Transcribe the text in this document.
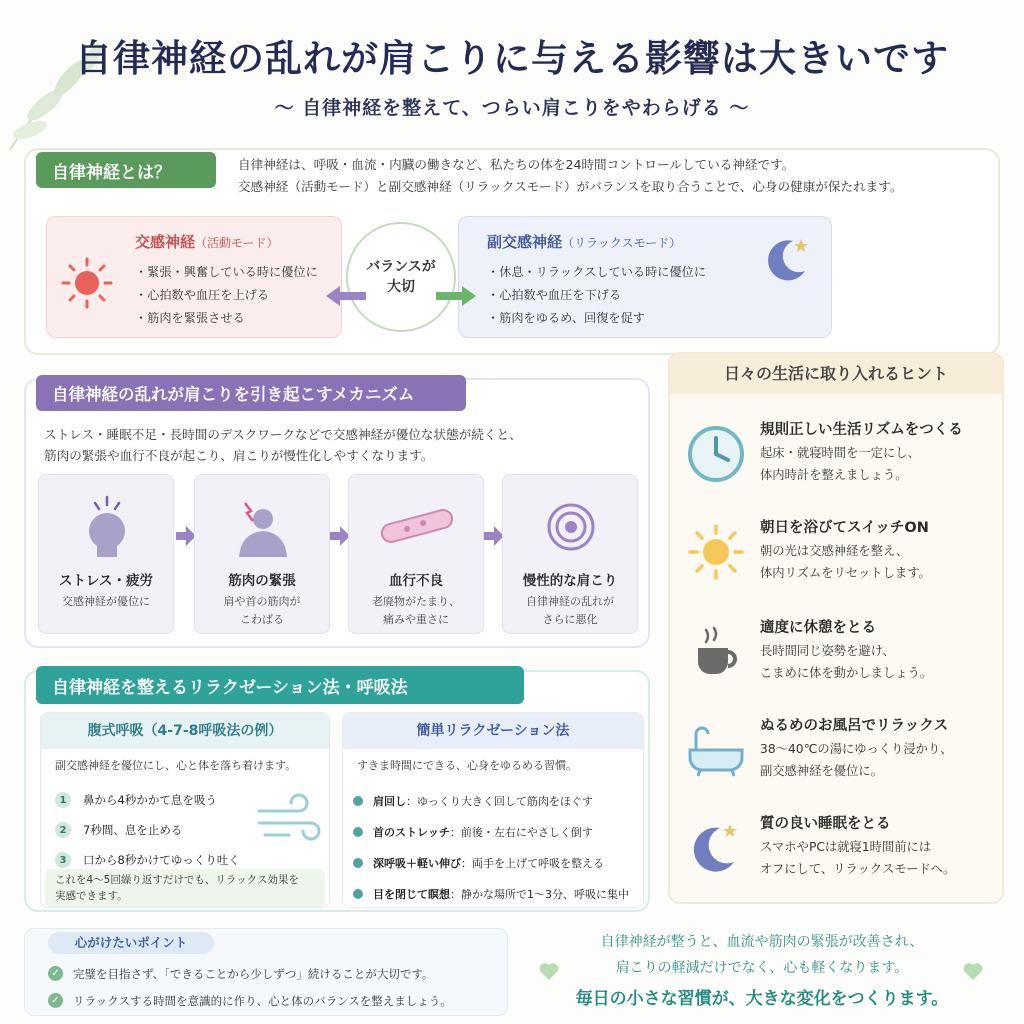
自律神経の乱れが肩こりに与える影響は大きいです
〜 自律神経を整えて、つらい肩こりをやわらげる 〜
自律神経とは？	自律神経は、呼吸・血流・内臓の働きなど、私たちの体を24時間コントロールしている神経です。
交感神経（活動モード）と副交感神経（リラックスモード）がバランスを取り合うことで、心身の健康が保たれます。
交感神経（活動モード）
・緊張・興奮している時に優位に
・心拍数や血圧を上げる
・筋肉を緊張させる
バランスが
大切
副交感神経（リラックスモード）
・休息・リラックスしている時に優位に
・心拍数や血圧を下げる
・筋肉をゆるめ、回復を促す
自律神経の乱れが肩こりを引き起こすメカニズム
ストレス・睡眠不足・長時間のデスクワークなどで交感神経が優位な状態が続くと、
筋肉の緊張や血行不良が起こり、肩こりが慢性化しやすくなります。
ストレス・疲労

交感神経が優位に

筋肉の緊張

肩や首の筋肉が
こわばる

血行不良

老廃物がたまり、
痛みや重さに

慢性的な肩こり

自律神経の乱れが
さらに悪化

自律神経を整えるリラクゼーション法・呼吸法
腹式呼吸（4-7-8呼吸法の例）
副交感神経を優位にし、心と体を落ち着けます。
1	鼻から4秒かかて息を吸う
2	7秒間、息を止める
3	口から8秒かけてゆっくり吐く
これを4〜5回繰り返すだけでも、リラックス効果を
実感できます。
簡単リラクゼーション法
すきま時間にできる、心身をゆるめる習慣。
肩回し ：ゆっくり大きく回して筋肉をほぐす
首のストレッチ ：前後・左右にやさしく倒す
深呼吸＋軽い伸び ：両手を上げて呼吸を整える
目を閉じて瞑想 ：静かな場所で1〜3分、呼吸に集中
日々の生活に取り入れるヒント
規則正しい生活リズムをつくる

起床・就寝時間を一定にし、
体内時計を整えましょう。

朝日を浴びてスイッチON

朝の光は交感神経を整え、
体内リズムをリセットします。

適度に休憩をとる

長時間同じ姿勢を避け、
こまめに体を動かしましょう。

ぬるめのお風呂でリラックス

38〜40℃の湯にゆっくり浸かり、
副交感神経を優位に。

質の良い睡眠をとる

スマホやPCは就寝1時間前には
オフにして、リラックスモードへ。

心がけたいポイント
✓ 完璧を目指さず、「できることから少しずつ」続けることが大切です。
✓ リラックスする時間を意識的に作り、心と体のバランスを整えましょう。
自律神経が整うと、血流や筋肉の緊張が改善され、
肩こりの軽減だけでなく、心も軽くなります。
毎日の小さな習慣が、大きな変化をつくります。
